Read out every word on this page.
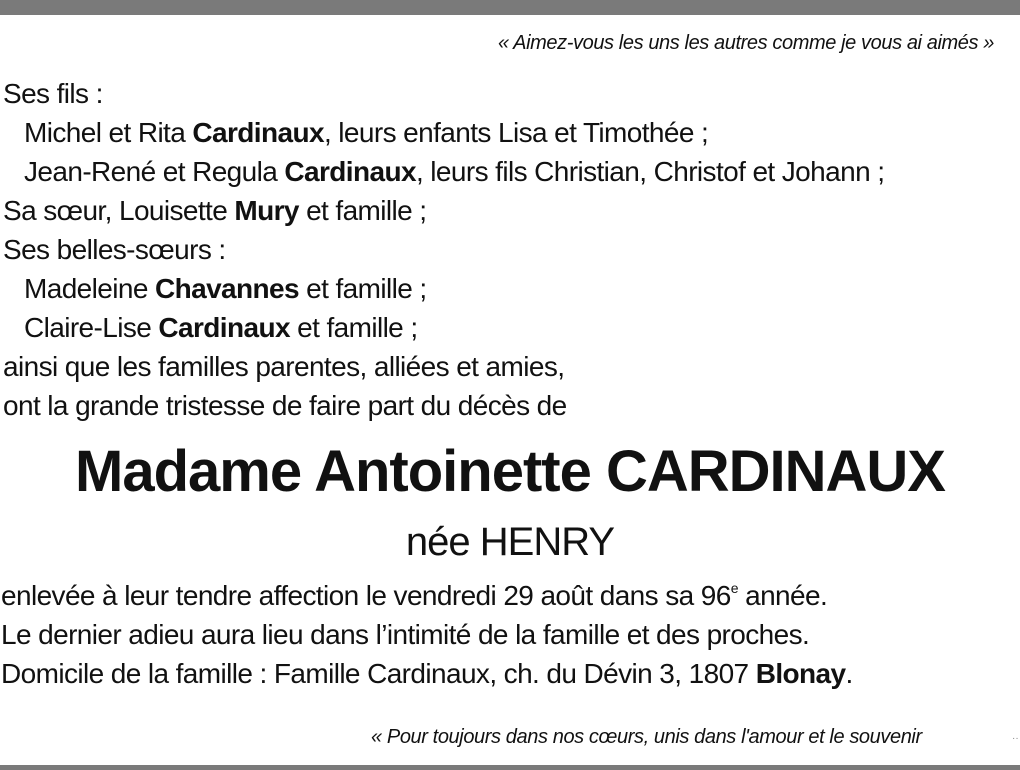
« Aimez-vous les uns les autres comme je vous ai aimés »
Ses fils :
Michel et Rita Cardinaux, leurs enfants Lisa et Timothée ;
Jean-René et Regula Cardinaux, leurs fils Christian, Christof et Johann ;
Sa sœur, Louisette Mury et famille ;
Ses belles-sœurs :
Madeleine Chavannes et famille ;
Claire-Lise Cardinaux et famille ;
ainsi que les familles parentes, alliées et amies,
ont la grande tristesse de faire part du décès de
Madame Antoinette CARDINAUX
née HENRY
enlevée à leur tendre affection le vendredi 29 août dans sa 96e année.
Le dernier adieu aura lieu dans l’intimité de la famille et des proches.
Domicile de la famille : Famille Cardinaux, ch. du Dévin 3, 1807 Blonay.
« Pour toujours dans nos cœurs, unis dans l'amour et le souvenir	··
